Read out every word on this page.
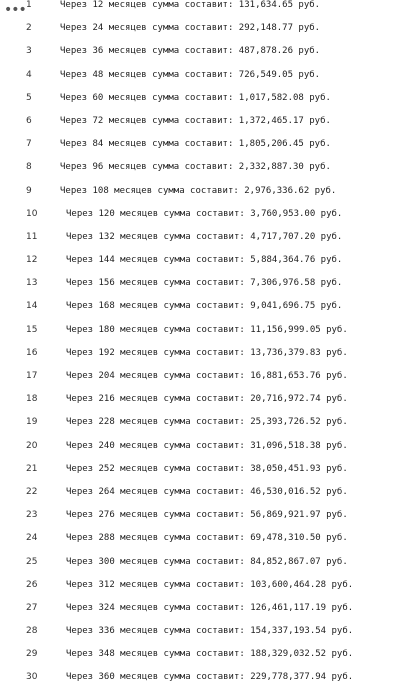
••• 1	Через 12 месяцев сумма составит: 131,634.65 руб.
2	Через 24 месяцев сумма составит: 292,148.77 руб.
3	Через 36 месяцев сумма составит: 487,878.26 руб.
4	Через 48 месяцев сумма составит: 726,549.05 руб.
5	Через 60 месяцев сумма составит: 1,017,582.08 руб.
6	Через 72 месяцев сумма составит: 1,372,465.17 руб.
7	Через 84 месяцев сумма составит: 1,805,206.45 руб.
8	Через 96 месяцев сумма составит: 2,332,887.30 руб.
9	Через 108 месяцев сумма составит: 2,976,336.62 руб.
10	Через 120 месяцев сумма составит: 3,760,953.00 руб.
11	Через 132 месяцев сумма составит: 4,717,707.20 руб.
12	Через 144 месяцев сумма составит: 5,884,364.76 руб.
13	Через 156 месяцев сумма составит: 7,306,976.58 руб.
14	Через 168 месяцев сумма составит: 9,041,696.75 руб.
15	Через 180 месяцев сумма составит: 11,156,999.05 руб.
16	Через 192 месяцев сумма составит: 13,736,379.83 руб.
17	Через 204 месяцев сумма составит: 16,881,653.76 руб.
18	Через 216 месяцев сумма составит: 20,716,972.74 руб.
19	Через 228 месяцев сумма составит: 25,393,726.52 руб.
20	Через 240 месяцев сумма составит: 31,096,518.38 руб.
21	Через 252 месяцев сумма составит: 38,050,451.93 руб.
22	Через 264 месяцев сумма составит: 46,530,016.52 руб.
23	Через 276 месяцев сумма составит: 56,869,921.97 руб.
24	Через 288 месяцев сумма составит: 69,478,310.50 руб.
25	Через 300 месяцев сумма составит: 84,852,867.07 руб.
26	Через 312 месяцев сумма составит: 103,600,464.28 руб.
27	Через 324 месяцев сумма составит: 126,461,117.19 руб.
28	Через 336 месяцев сумма составит: 154,337,193.54 руб.
29	Через 348 месяцев сумма составит: 188,329,032.52 руб.
30	Через 360 месяцев сумма составит: 229,778,377.94 руб.
